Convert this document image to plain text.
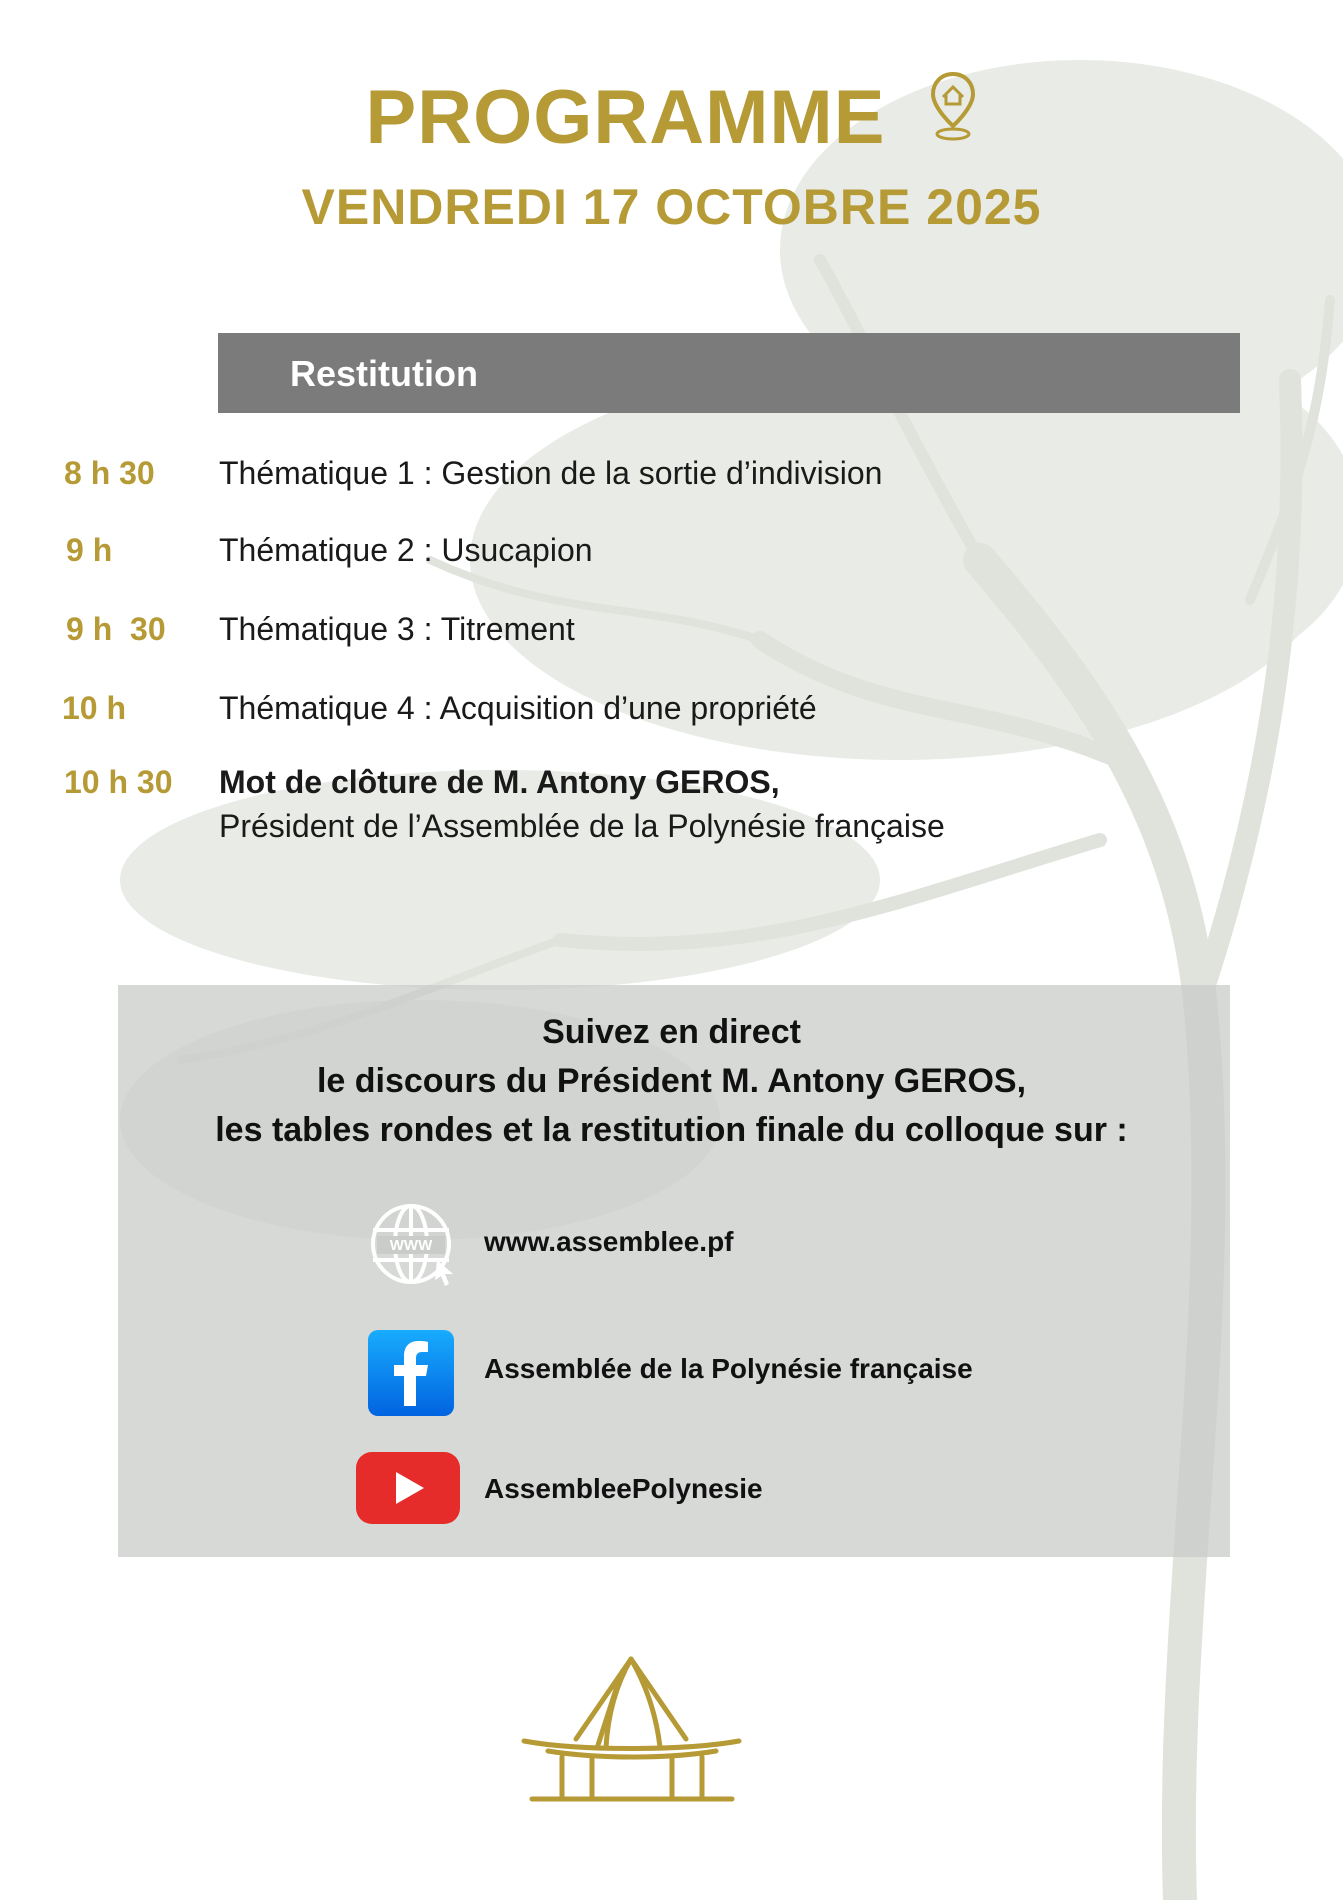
PROGRAMME
VENDREDI 17 OCTOBRE 2025
Restitution
8 h 30 Thématique 1 : Gestion de la sortie d’indivision
9 h	Thématique 2 : Usucapion
9 h  30 Thématique 3 : Titrement
10 h	Thématique 4 : Acquisition d’une propriété
10 h 30 Mot de clôture de M. Antony GEROS,
Président de l’Assemblée de la Polynésie française
Suivez en direct
le discours du Président M. Antony GEROS,
les tables rondes et la restitution finale du colloque sur :
WWW www.assemblee.pf
Assemblée de la Polynésie française
AssembleePolynesie
